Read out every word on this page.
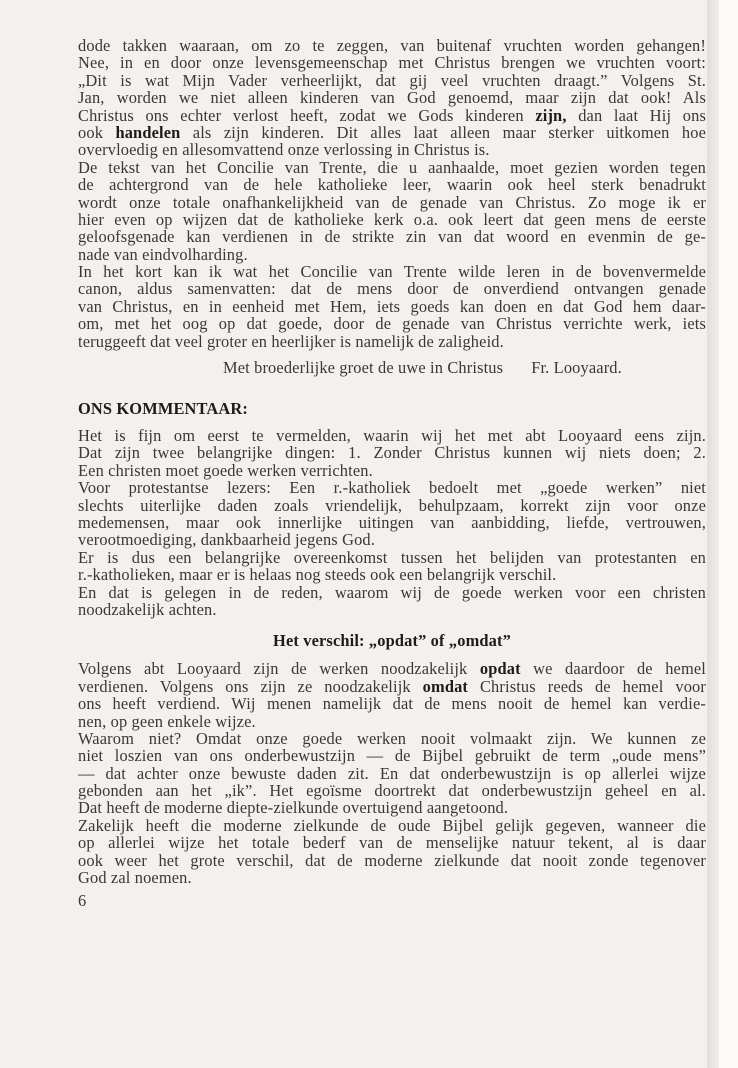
dode takken waaraan, om zo te zeggen, van buitenaf vruchten worden gehangen!
Nee, in en door onze levensgemeenschap met Christus brengen we vruchten voort:
„Dit is wat Mijn Vader verheerlijkt, dat gij veel vruchten draagt.” Volgens St.
Jan, worden we niet alleen kinderen van God genoemd, maar zijn dat ook! Als
Christus ons echter verlost heeft, zodat we Gods kinderen zijn, dan laat Hij ons
ook handelen als zijn kinderen. Dit alles laat alleen maar sterker uitkomen hoe
overvloedig en allesomvattend onze verlossing in Christus is.
De tekst van het Concilie van Trente, die u aanhaalde, moet gezien worden tegen
de achtergrond van de hele katholieke leer, waarin ook heel sterk benadrukt
wordt onze totale onafhankelijkheid van de genade van Christus. Zo moge ik er
hier even op wijzen dat de katholieke kerk o.a. ook leert dat geen mens de eerste
geloofsgenade kan verdienen in de strikte zin van dat woord en evenmin de ge-
nade van eindvolharding.
In het kort kan ik wat het Concilie van Trente wilde leren in de bovenvermelde
canon, aldus samenvatten: dat de mens door de onverdiend ontvangen genade
van Christus, en in eenheid met Hem, iets goeds kan doen en dat God hem daar-
om, met het oog op dat goede, door de genade van Christus verrichte werk, iets
teruggeeft dat veel groter en heerlijker is namelijk de zaligheid.
Met broederlijke groet de uwe in Christus Fr. Looyaard.
ONS KOMMENTAAR:
Het is fijn om eerst te vermelden, waarin wij het met abt Looyaard eens zijn.
Dat zijn twee belangrijke dingen: 1. Zonder Christus kunnen wij niets doen; 2.
Een christen moet goede werken verrichten.
Voor protestantse lezers: Een r.-katholiek bedoelt met „goede werken” niet
slechts uiterlijke daden zoals vriendelijk, behulpzaam, korrekt zijn voor onze
medemensen, maar ook innerlijke uitingen van aanbidding, liefde, vertrouwen,
verootmoediging, dankbaarheid jegens God.
Er is dus een belangrijke overeenkomst tussen het belijden van protestanten en
r.-katholieken, maar er is helaas nog steeds ook een belangrijk verschil.
En dat is gelegen in de reden, waarom wij de goede werken voor een christen
noodzakelijk achten.
Het verschil: „opdat” of „omdat”
Volgens abt Looyaard zijn de werken noodzakelijk opdat we daardoor de hemel
verdienen. Volgens ons zijn ze noodzakelijk omdat Christus reeds de hemel voor
ons heeft verdiend. Wij menen namelijk dat de mens nooit de hemel kan verdie-
nen, op geen enkele wijze.
Waarom niet? Omdat onze goede werken nooit volmaakt zijn. We kunnen ze
niet loszien van ons onderbewustzijn — de Bijbel gebruikt de term „oude mens”
— dat achter onze bewuste daden zit. En dat onderbewustzijn is op allerlei wijze
gebonden aan het „ik”. Het egoïsme doortrekt dat onderbewustzijn geheel en al.
Dat heeft de moderne diepte-zielkunde overtuigend aangetoond.
Zakelijk heeft die moderne zielkunde de oude Bijbel gelijk gegeven, wanneer die
op allerlei wijze het totale bederf van de menselijke natuur tekent, al is daar
ook weer het grote verschil, dat de moderne zielkunde dat nooit zonde tegenover
God zal noemen.
6
